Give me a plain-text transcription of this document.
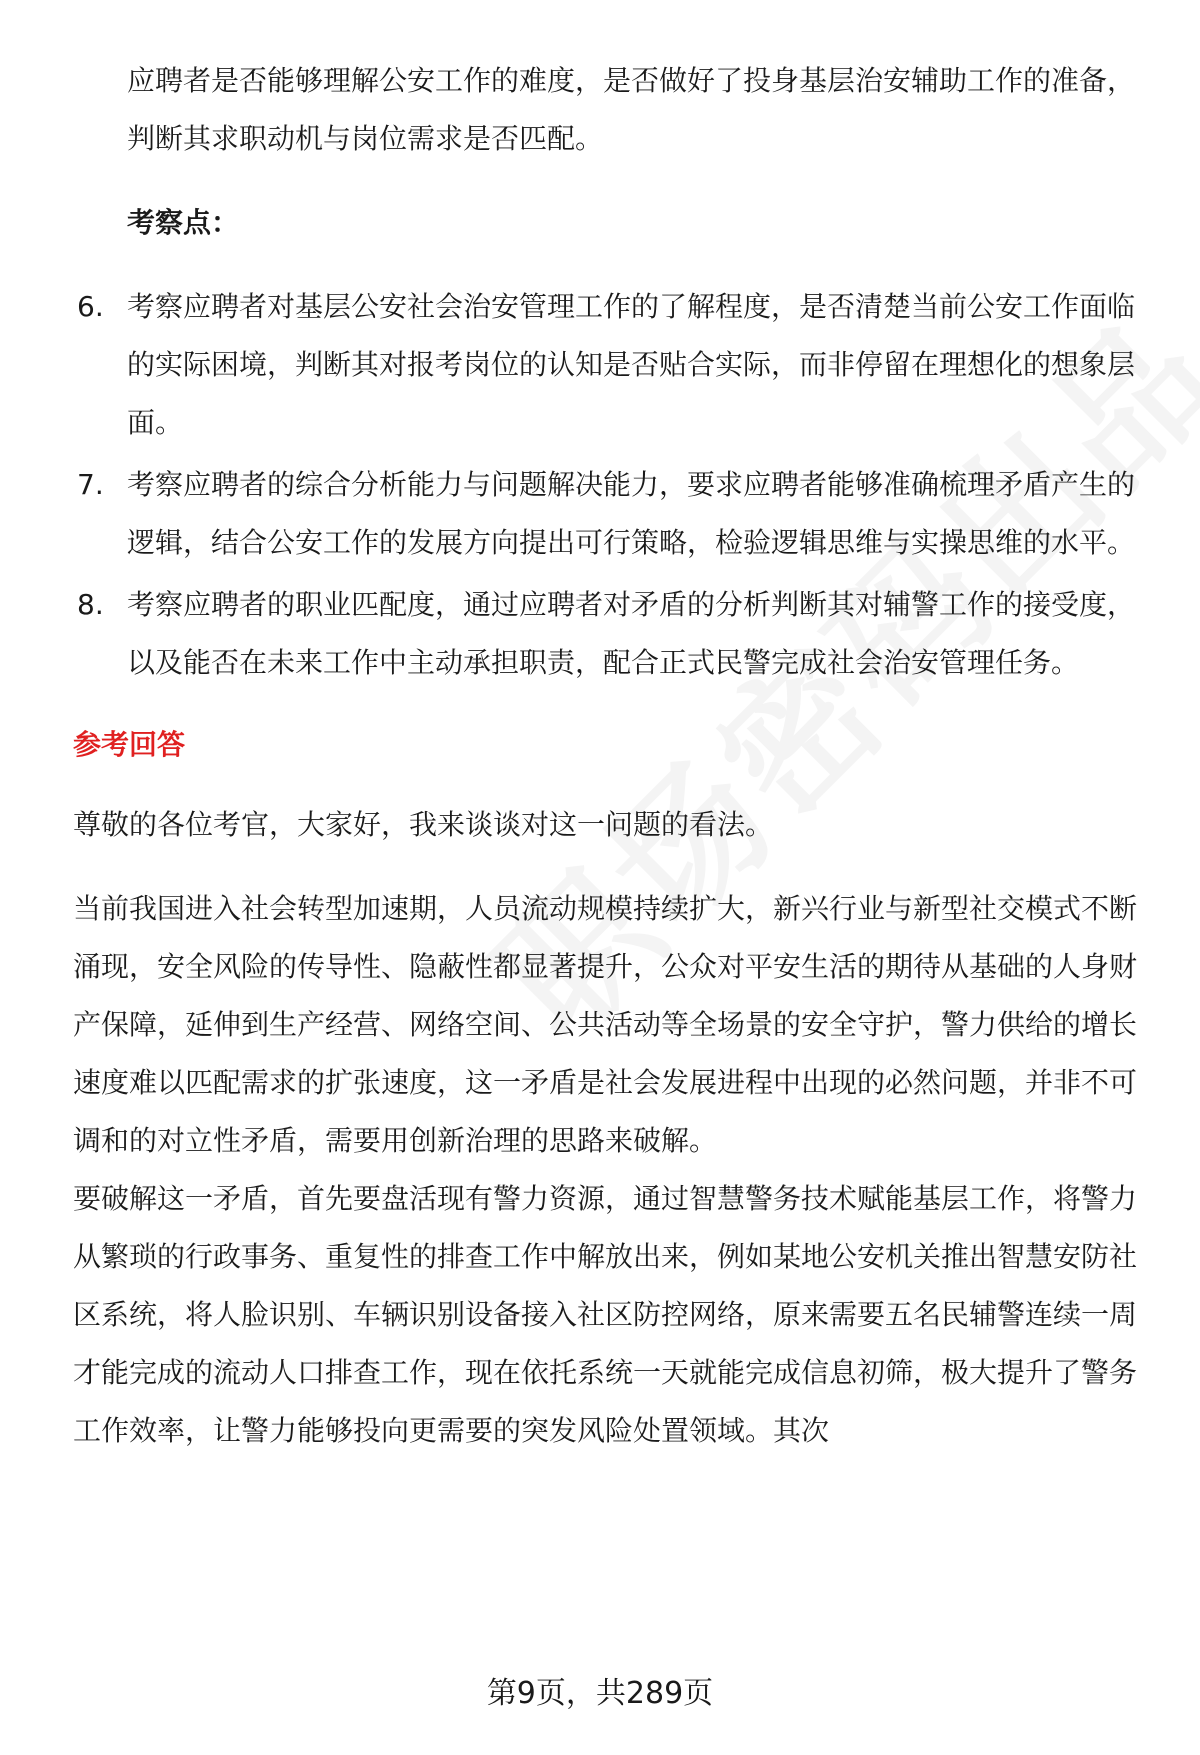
应聘者是否能够理解公安工作的难度，是否做好了投身基层治安辅助工作的准备，判断其求职动机与岗位需求是否匹配。

考察点：

6. 考察应聘者对基层公安社会治安管理工作的了解程度，是否清楚当前公安工作面临的实际困境，判断其对报考岗位的认知是否贴合实际，而非停留在理想化的想象层面。
7. 考察应聘者的综合分析能力与问题解决能力，要求应聘者能够准确梳理矛盾产生的逻辑，结合公安工作的发展方向提出可行策略，检验逻辑思维与实操思维的水平。
8. 考察应聘者的职业匹配度，通过应聘者对矛盾的分析判断其对辅警工作的接受度，以及能否在未来工作中主动承担职责，配合正式民警完成社会治安管理任务。

参考回答

尊敬的各位考官，大家好，我来谈谈对这一问题的看法。

当前我国进入社会转型加速期，人员流动规模持续扩大，新兴行业与新型社交模式不断涌现，安全风险的传导性、隐蔽性都显著提升，公众对平安生活的期待从基础的人身财产保障，延伸到生产经营、网络空间、公共活动等全场景的安全守护，警力供给的增长速度难以匹配需求的扩张速度，这一矛盾是社会发展进程中出现的必然问题，并非不可调和的对立性矛盾，需要用创新治理的思路来破解。

要破解这一矛盾，首先要盘活现有警力资源，通过智慧警务技术赋能基层工作，将警力从繁琐的行政事务、重复性的排查工作中解放出来，例如某地公安机关推出智慧安防社区系统，将人脸识别、车辆识别设备接入社区防控网络，原来需要五名民辅警连续一周才能完成的流动人口排查工作，现在依托系统一天就能完成信息初筛，极大提升了警务工作效率，让警力能够投向更需要的突发风险处置领域。其次

第9页，共289页
